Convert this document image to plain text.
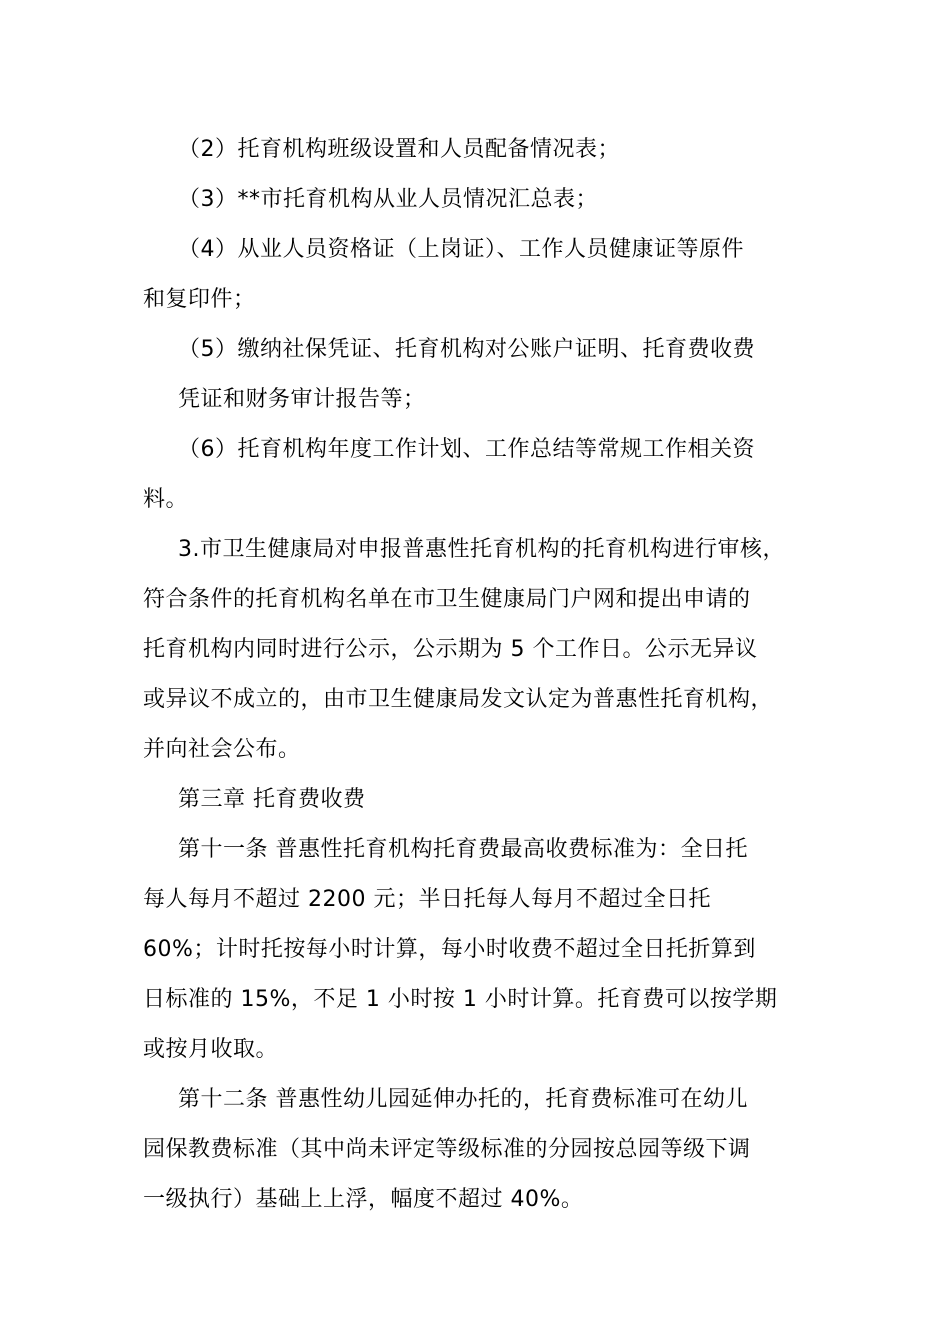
（2）托育机构班级设置和人员配备情况表；
（3）**市托育机构从业人员情况汇总表；
（4）从业人员资格证（上岗证）、工作人员健康证等原件
和复印件；
（5）缴纳社保凭证、托育机构对公账户证明、托育费收费
凭证和财务审计报告等；
（6）托育机构年度工作计划、工作总结等常规工作相关资
料。
3.市卫生健康局对申报普惠性托育机构的托育机构进行审核，
符合条件的托育机构名单在市卫生健康局门户网和提出申请的
托育机构内同时进行公示，公示期为 5 个工作日。公示无异议
或异议不成立的，由市卫生健康局发文认定为普惠性托育机构，
并向社会公布。
第三章 托育费收费
第十一条 普惠性托育机构托育费最高收费标准为：全日托
每人每月不超过 2200 元；半日托每人每月不超过全日托
60%；计时托按每小时计算，每小时收费不超过全日托折算到
日标准的 15%，不足 1 小时按 1 小时计算。托育费可以按学期
或按月收取。
第十二条 普惠性幼儿园延伸办托的，托育费标准可在幼儿
园保教费标准（其中尚未评定等级标准的分园按总园等级下调
一级执行）基础上上浮，幅度不超过 40%。
